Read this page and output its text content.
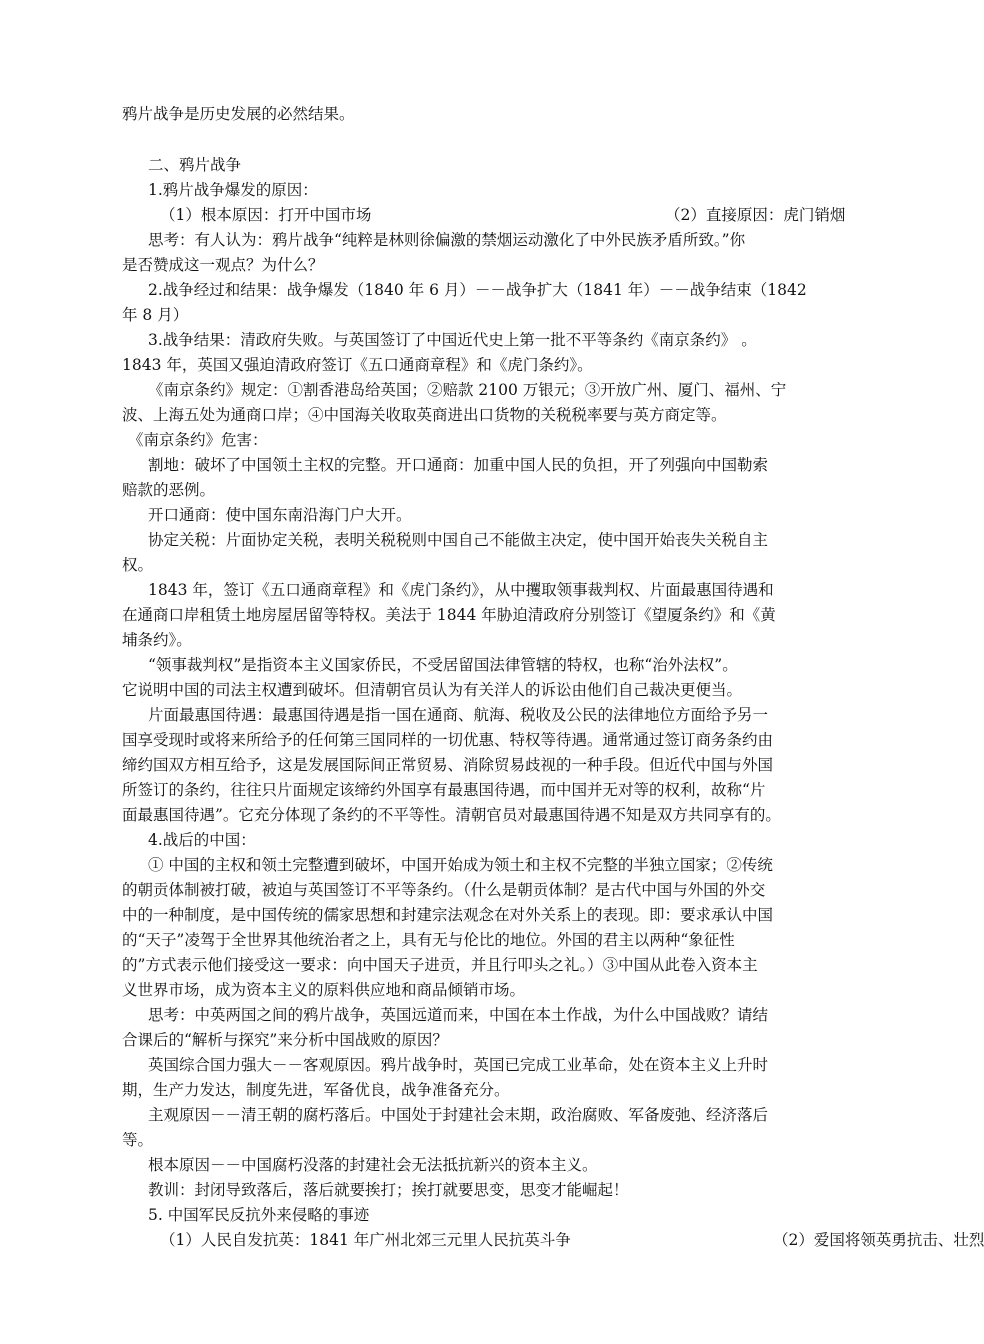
鸦片战争是历史发展的必然结果。
二、鸦片战争
1.鸦片战争爆发的原因：
（1）根本原因：打开中国市场	（2）直接原因：虎门销烟
思考：有人认为：鸦片战争“纯粹是林则徐偏激的禁烟运动激化了中外民族矛盾所致。”你
是否赞成这一观点？为什么？
2.战争经过和结果：战争爆发（1840 年 6 月）－－战争扩大（1841 年）－－战争结束（1842
年 8 月）
3.战争结果：清政府失败。与英国签订了中国近代史上第一批不平等条约《南京条约》 。
1843 年，英国又强迫清政府签订《五口通商章程》和《虎门条约》。
《南京条约》规定：①割香港岛给英国；②赔款 2100 万银元；③开放广州、厦门、福州、宁
波、上海五处为通商口岸；④中国海关收取英商进出口货物的关税税率要与英方商定等。
《南京条约》危害：
割地：破坏了中国领土主权的完整。开口通商：加重中国人民的负担，开了列强向中国勒索
赔款的恶例。
开口通商：使中国东南沿海门户大开。
协定关税：片面协定关税，表明关税税则中国自己不能做主决定，使中国开始丧失关税自主
权。
1843 年，签订《五口通商章程》和《虎门条约》，从中攫取领事裁判权、片面最惠国待遇和
在通商口岸租赁土地房屋居留等特权。美法于 1844 年胁迫清政府分别签订《望厦条约》和《黄
埔条约》。
“领事裁判权”是指资本主义国家侨民，不受居留国法律管辖的特权，也称“治外法权”。
它说明中国的司法主权遭到破坏。但清朝官员认为有关洋人的诉讼由他们自己裁决更便当。
片面最惠国待遇：最惠国待遇是指一国在通商、航海、税收及公民的法律地位方面给予另一
国享受现时或将来所给予的任何第三国同样的一切优惠、特权等待遇。通常通过签订商务条约由
缔约国双方相互给予，这是发展国际间正常贸易、消除贸易歧视的一种手段。但近代中国与外国
所签订的条约，往往只片面规定该缔约外国享有最惠国待遇，而中国并无对等的权利，故称“片
面最惠国待遇”。它充分体现了条约的不平等性。清朝官员对最惠国待遇不知是双方共同享有的。
4.战后的中国：
① 中国的主权和领土完整遭到破坏，中国开始成为领土和主权不完整的半独立国家；②传统
的朝贡体制被打破，被迫与英国签订不平等条约。（什么是朝贡体制？是古代中国与外国的外交
中的一种制度，是中国传统的儒家思想和封建宗法观念在对外关系上的表现。即：要求承认中国
的“天子”凌驾于全世界其他统治者之上，具有无与伦比的地位。外国的君主以两种“象征性
的”方式表示他们接受这一要求：向中国天子进贡，并且行叩头之礼。）③中国从此卷入资本主
义世界市场，成为资本主义的原料供应地和商品倾销市场。
思考：中英两国之间的鸦片战争，英国远道而来，中国在本土作战，为什么中国战败？请结
合课后的“解析与探究”来分析中国战败的原因？
英国综合国力强大－－客观原因。鸦片战争时，英国已完成工业革命，处在资本主义上升时
期，生产力发达，制度先进，军备优良，战争准备充分。
主观原因－－清王朝的腐朽落后。中国处于封建社会末期，政治腐败、军备废弛、经济落后
等。
根本原因－－中国腐朽没落的封建社会无法抵抗新兴的资本主义。
教训：封闭导致落后，落后就要挨打；挨打就要思变，思变才能崛起！
5. 中国军民反抗外来侵略的事迹
（1）人民自发抗英：1841 年广州北郊三元里人民抗英斗争	（2）爱国将领英勇抗击、壮烈
